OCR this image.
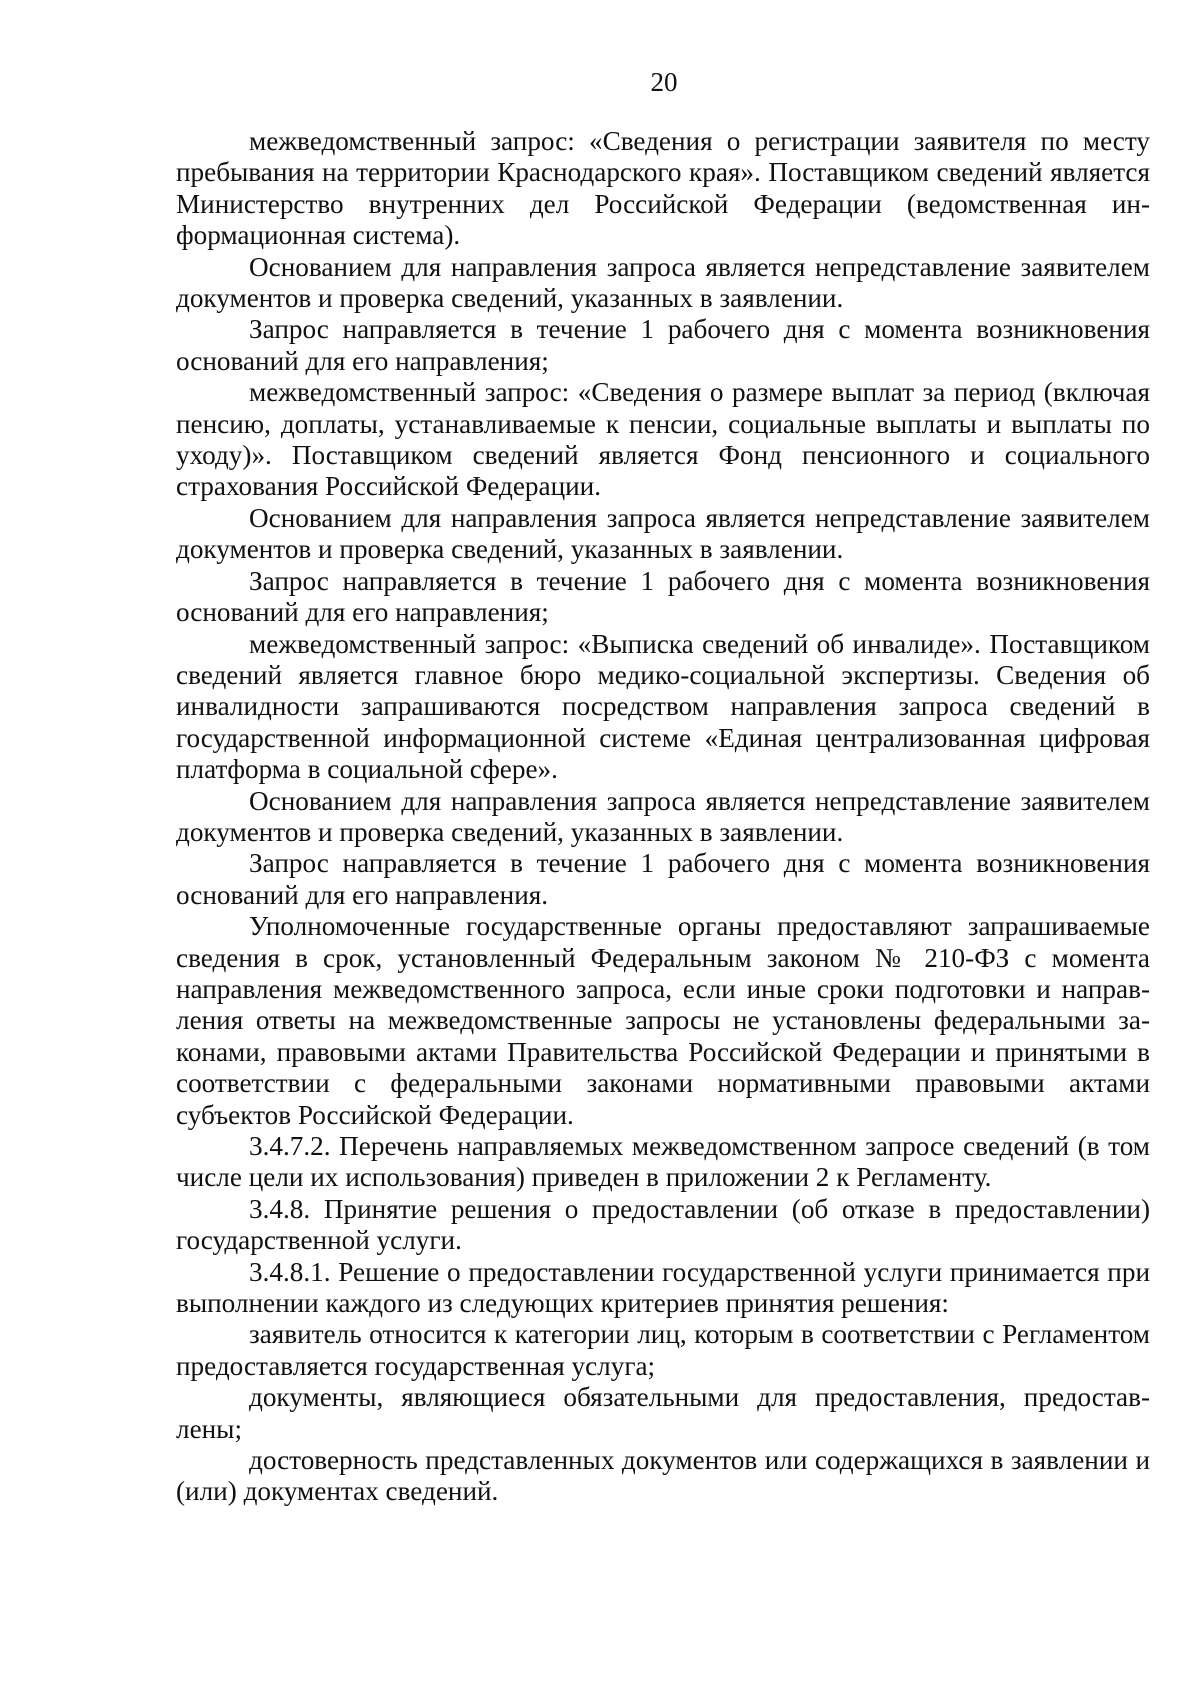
20

межведомственный запрос: «Сведения о регистрации заявителя по месту пребывания на территории Краснодарского края». Поставщиком сведений является Министерство внутренних дел Российской Федерации (ведомственная информационная система).

Основанием для направления запроса является непредставление заявителем документов и проверка сведений, указанных в заявлении.

Запрос направляется в течение 1 рабочего дня с момента возникновения оснований для его направления;

межведомственный запрос: «Сведения о размере выплат за период (включая пенсию, доплаты, устанавливаемые к пенсии, социальные выплаты и выплаты по уходу)». Поставщиком сведений является Фонд пенсионного и социального страхования Российской Федерации.

Основанием для направления запроса является непредставление заявителем документов и проверка сведений, указанных в заявлении.

Запрос направляется в течение 1 рабочего дня с момента возникновения оснований для его направления;

межведомственный запрос: «Выписка сведений об инвалиде». Поставщиком сведений является главное бюро медико-социальной экспертизы. Сведения об инвалидности запрашиваются посредством направления запроса сведений в государственной информационной системе «Единая централизованная цифровая платформа в социальной сфере».

Основанием для направления запроса является непредставление заявителем документов и проверка сведений, указанных в заявлении.

Запрос направляется в течение 1 рабочего дня с момента возникновения оснований для его направления.

Уполномоченные государственные органы предоставляют запрашиваемые сведения в срок, установленный Федеральным законом № 210-ФЗ с момента направления межведомственного запроса, если иные сроки подготовки и направления ответы на межведомственные запросы не установлены федеральными законами, правовыми актами Правительства Российской Федерации и принятыми в соответствии с федеральными законами нормативными правовыми актами субъектов Российской Федерации.

3.4.7.2. Перечень направляемых межведомственном запросе сведений (в том числе цели их использования) приведен в приложении 2 к Регламенту.

3.4.8. Принятие решения о предоставлении (об отказе в предоставлении) государственной услуги.

3.4.8.1. Решение о предоставлении государственной услуги принимается при выполнении каждого из следующих критериев принятия решения:

заявитель относится к категории лиц, которым в соответствии с Регламентом предоставляется государственная услуга;

документы, являющиеся обязательными для предоставления, предоставлены;

достоверность представленных документов или содержащихся в заявлении и (или) документах сведений.
